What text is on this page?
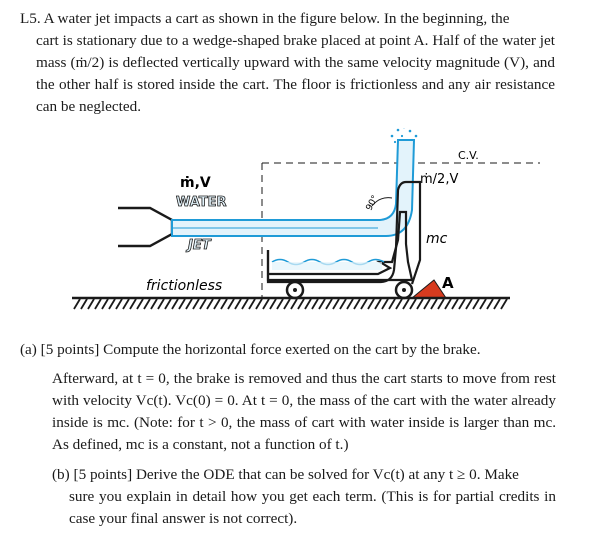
L5. A water jet impacts a cart as shown in the figure below. In the beginning, the
cart is stationary due to a wedge-shaped brake placed at point A. Half of the water jet mass (ṁ/2) is deflected vertically upward with the same velocity magnitude (V), and the other half is stored inside the cart. The floor is frictionless and any air resistance can be neglected.
ṁ,V
WATER
JET
C.V.
ṁ/2,V
mc
90°
frictionless	A
(a) [5 points] Compute the horizontal force exerted on the cart by the brake.
Afterward, at t = 0, the brake is removed and thus the cart starts to move from rest with velocity Vc(t). Vc(0) = 0. At t = 0, the mass of the cart with the water already inside is mc. (Note: for t > 0, the mass of cart with water inside is larger than mc. As defined, mc is a constant, not a function of t.)
(b) [5 points] Derive the ODE that can be solved for Vc(t) at any t ≥ 0. Make
sure you explain in detail how you get each term. (This is for partial credits in case your final answer is not correct).
